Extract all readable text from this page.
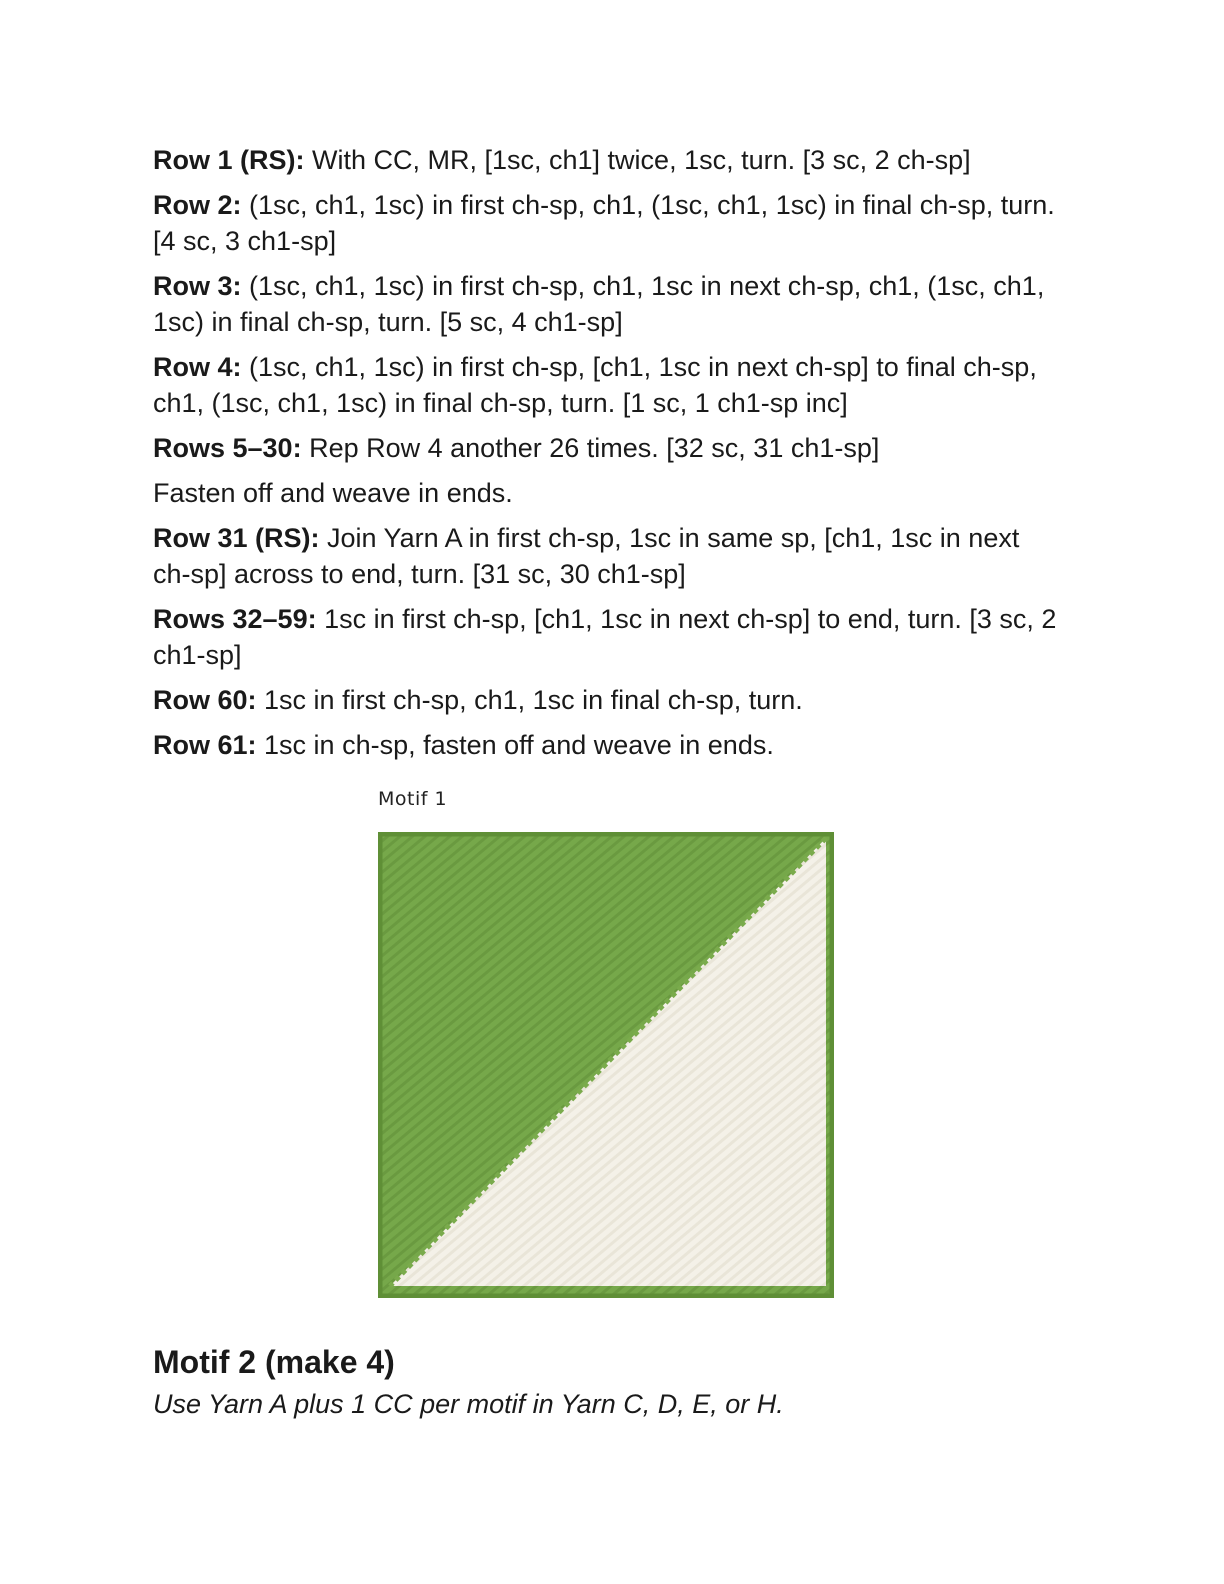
Row 1 (RS): With CC, MR, [1sc, ch1] twice, 1sc, turn. [3 sc, 2 ch-sp]

Row 2: (1sc, ch1, 1sc) in first ch-sp, ch1, (1sc, ch1, 1sc) in final ch-sp, turn. [4 sc, 3 ch1-sp]

Row 3: (1sc, ch1, 1sc) in first ch-sp, ch1, 1sc in next ch-sp, ch1, (1sc, ch1, 1sc) in final ch-sp, turn. [5 sc, 4 ch1-sp]

Row 4: (1sc, ch1, 1sc) in first ch-sp, [ch1, 1sc in next ch-sp] to final ch-sp, ch1, (1sc, ch1, 1sc) in final ch-sp, turn. [1 sc, 1 ch1-sp inc]

Rows 5–30: Rep Row 4 another 26 times. [32 sc, 31 ch1-sp]

Fasten off and weave in ends.

Row 31 (RS): Join Yarn A in first ch-sp, 1sc in same sp, [ch1, 1sc in next ch-sp] across to end, turn. [31 sc, 30 ch1-sp]

Rows 32–59: 1sc in first ch-sp, [ch1, 1sc in next ch-sp] to end, turn. [3 sc, 2 ch1-sp]

Row 60: 1sc in first ch-sp, ch1, 1sc in final ch-sp, turn.

Row 61: 1sc in ch-sp, fasten off and weave in ends.

Motif 1
Motif 2 (make 4)

Use Yarn A plus 1 CC per motif in Yarn C, D, E, or H.
